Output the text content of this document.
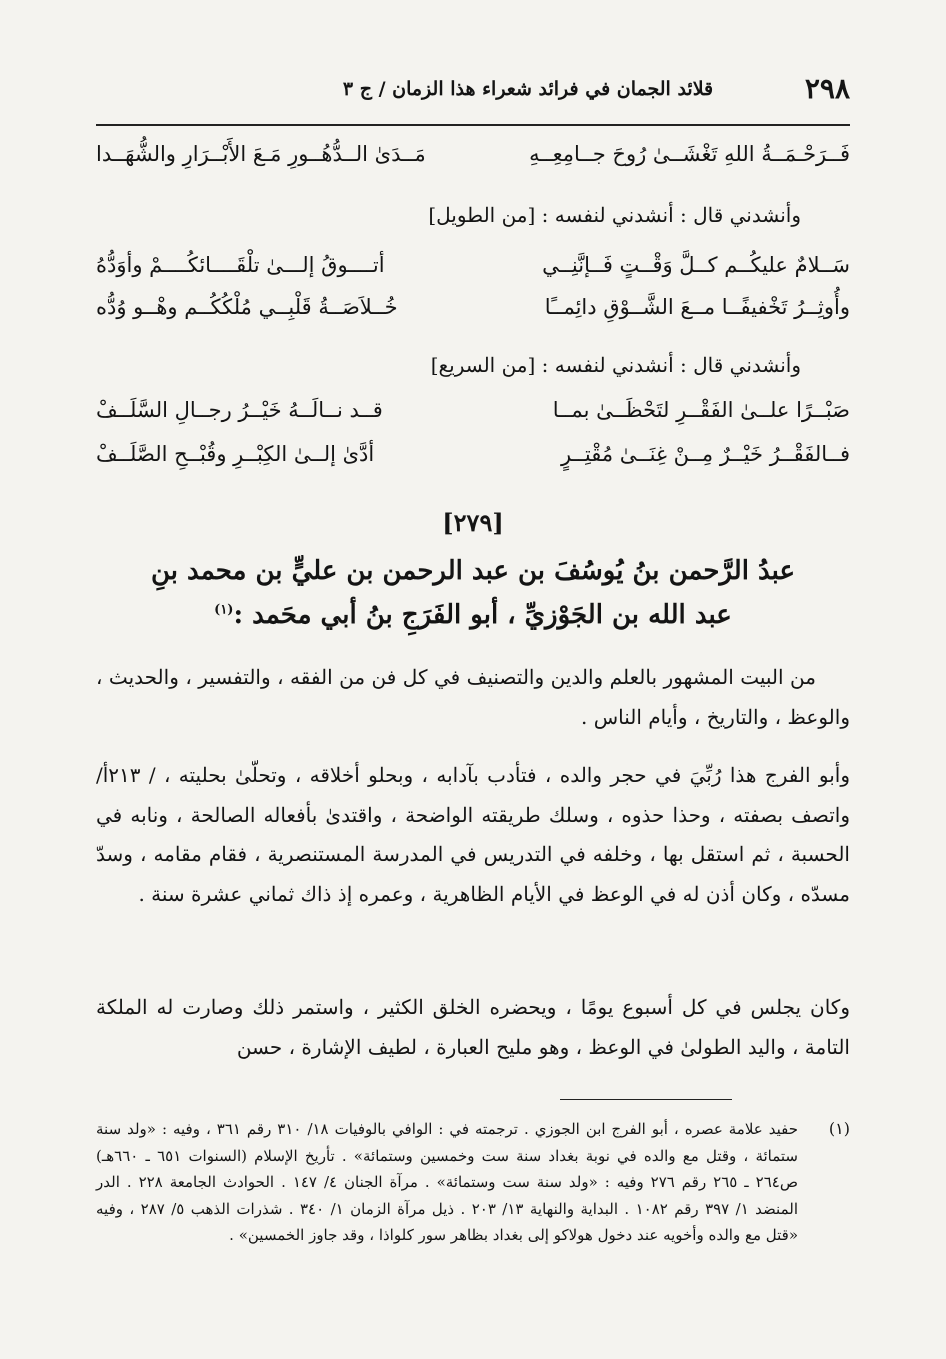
٢٩٨
قلائد الجمان في فرائد شعراء هذا الزمان / ج ٣
فَــرَحْـمَــةُ اللهِ تَغْشَــىٰ رُوحَ جــامِعِــهِ
مَــدَىٰ الــدُّهُــورِ مَـعَ الأَبْــرَارِ والشُّهَــدا
وأنشدني قال : أنشدني لنفسه : [من الطويل]
سَــلامٌ عليكُــم كــلَّ وَقْــتٍ فَــإنَّنِــي
أتــــوقُ إلـــىٰ تلْقَــــائكُــــمْ وأوَدُّهُ
وأُوثِــرُ تَخْفيفًــا مــعَ الشَّــوْقِ دائِمــًا
خُــلاَصَــةُ قَلْبِــي مُلْكُكُــم وهْــو وُدُّه
وأنشدني قال : أنشدني لنفسه : [من السريع]
صَبْــرًا علــىٰ الفَقْــرِ لتَحْظَــىٰ بمــا
قــد نــالَــهُ خَيْــرُ رجــالِ السَّلَــفْ
فــالفَقْــرُ خَيْــرٌ مِــنْ غِنَــىٰ مُقْتِــرٍ
أدَّىٰ إلــىٰ الكِبْــرِ وقُبْــحِ الصَّلَــفْ
[٢٧٩]
عبدُ الرَّحمن بنُ يُوسُفَ بن عبد الرحمن بن عليٍّ بن محمد بنِ
عبد الله بن الجَوْزيِّ ، أبو الفَرَجِ بنُ أبي محَمد :$^{(١)}$
من البيت المشهور بالعلم والدين والتصنيف في كل فن من الفقه ، والتفسير ، والحديث ، والوعظ ، والتاريخ ، وأيام الناس .
وأبو الفرج هذا رُبِّيَ في حجر والده ، فتأدب بآدابه ، وبحلو أخلاقه ، وتحلّىٰ بحليته ، / ٢١٣أ/ واتصف بصفته ، وحذا حذوه ، وسلك طريقته الواضحة ، واقتدىٰ بأفعاله الصالحة ، ونابه في الحسبة ، ثم استقل بها ، وخلفه في التدريس في المدرسة المستنصرية ، فقام مقامه ، وسدّ مسدّه ، وكان أذن له في الوعظ في الأيام الظاهرية ، وعمره إذ ذاك ثماني عشرة سنة .
وكان يجلس في كل أسبوع يومًا ، ويحضره الخلق الكثير ، واستمر ذلك وصارت له الملكة التامة ، واليد الطولىٰ في الوعظ ، وهو مليح العبارة ، لطيف الإشارة ، حسن
(١)
حفيد علامة عصره ، أبو الفرج ابن الجوزي . ترجمته في : الوافي بالوفيات ١٨/ ٣١٠ رقم ٣٦١ ، وفيه : «ولد سنة ستمائة ، وقتل مع والده في نوبة بغداد سنة ست وخمسين وستمائة» . تأريخ الإسلام (السنوات ٦٥١ ـ ٦٦٠هـ) ص٢٦٤ ـ ٢٦٥ رقم ٢٧٦ وفيه : «ولد سنة ست وستمائة» . مرآة الجنان ٤/ ١٤٧ . الحوادث الجامعة ٢٢٨ . الدر المنضد ١/ ٣٩٧ رقم ١٠٨٢ . البداية والنهاية ١٣/ ٢٠٣ . ذيل مرآة الزمان ١/ ٣٤٠ . شذرات الذهب ٥/ ٢٨٧ ، وفيه «قتل مع والده وأخويه عند دخول هولاكو إلى بغداد بظاهر سور كلواذا ، وقد جاوز الخمسين» .
